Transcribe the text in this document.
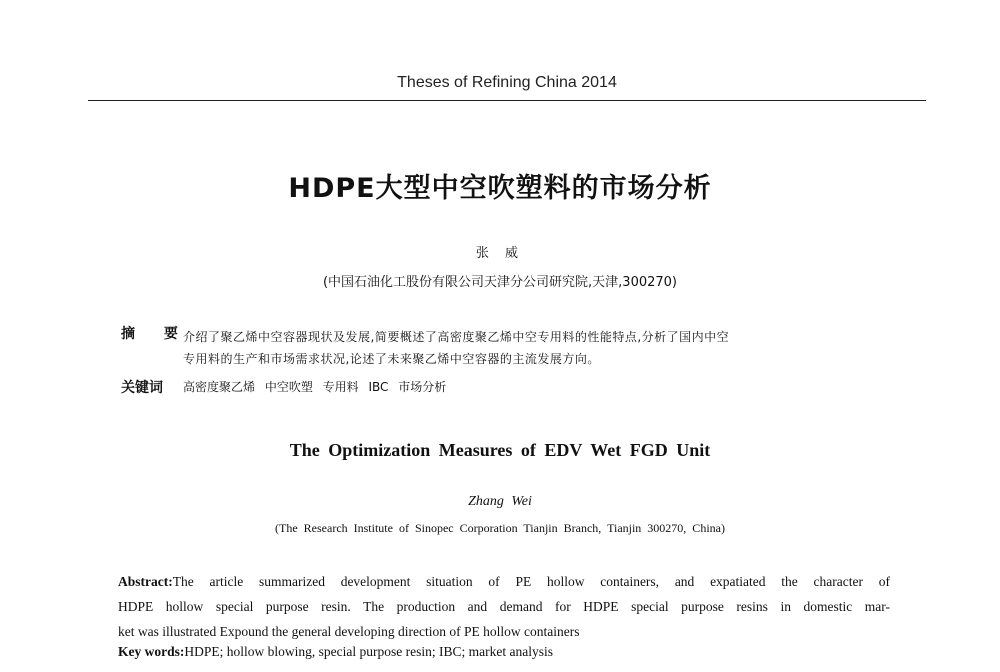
Theses of Refining China 2014
HDPE大型中空吹塑料的市场分析
张 威
(中国石油化工股份有限公司天津分公司研究院,天津,300270)
摘 要
介绍了聚乙烯中空容器现状及发展,简要概述了高密度聚乙烯中空专用料的性能特点,分析了国内中空
专用料的生产和市场需求状况,论述了未来聚乙烯中空容器的主流发展方向。
关键词 高密度聚乙烯 中空吹塑 专用料 IBC 市场分析
The Optimization Measures of EDV Wet FGD Unit
Zhang Wei
(The Research Institute of Sinopec Corporation Tianjin Branch, Tianjin 300270, China)
Abstract:The article summarized development situation of PE hollow containers, and expatiated the character of
HDPE hollow special purpose resin. The production and demand for HDPE special purpose resins in domestic mar-
ket was illustrated Expound the general developing direction of PE hollow containers
Key words:HDPE; hollow blowing, special purpose resin; IBC; market analysis
